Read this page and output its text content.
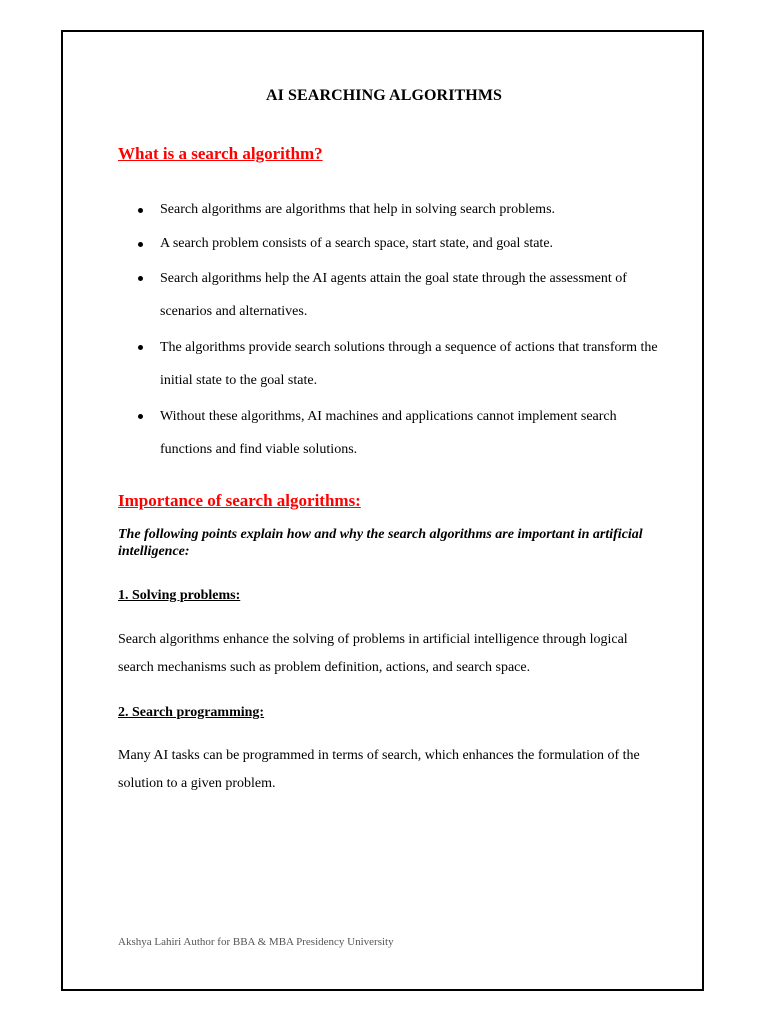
AI SEARCHING ALGORITHMS
What is a search algorithm?
Search algorithms are algorithms that help in solving search problems.
A search problem consists of a search space, start state, and goal state.
Search algorithms help the AI agents attain the goal state through the assessment of scenarios and alternatives.
The algorithms provide search solutions through a sequence of actions that transform the initial state to the goal state.
Without these algorithms, AI machines and applications cannot implement search functions and find viable solutions.
Importance of search algorithms:
The following points explain how and why the search algorithms are important in artificial intelligence:
1. Solving problems:
Search algorithms enhance the solving of problems in artificial intelligence through logical search mechanisms such as problem definition, actions, and search space.
2. Search programming:
Many AI tasks can be programmed in terms of search, which enhances the formulation of the solution to a given problem.
Akshya Lahiri Author for BBA & MBA Presidency University
